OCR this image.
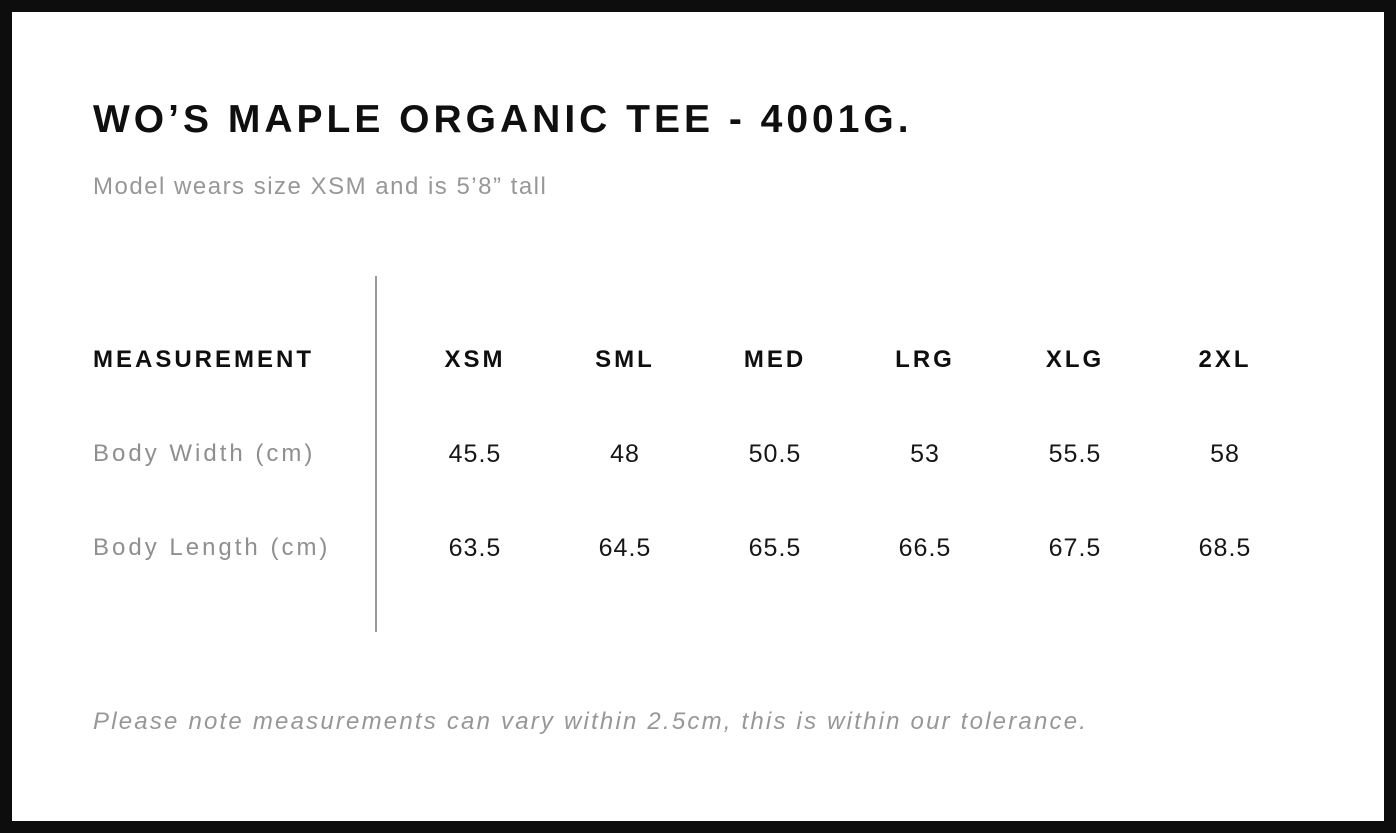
WO’S MAPLE ORGANIC TEE - 4001G.
Model wears size XSM and is 5’8” tall
MEASUREMENT	XSM	SML	MED	LRG	XLG	2XL
Body Width (cm)	45.5	48	50.5	53	55.5	58
Body Length (cm)	63.5	64.5	65.5	66.5	67.5	68.5
Please note measurements can vary within 2.5cm, this is within our tolerance.
